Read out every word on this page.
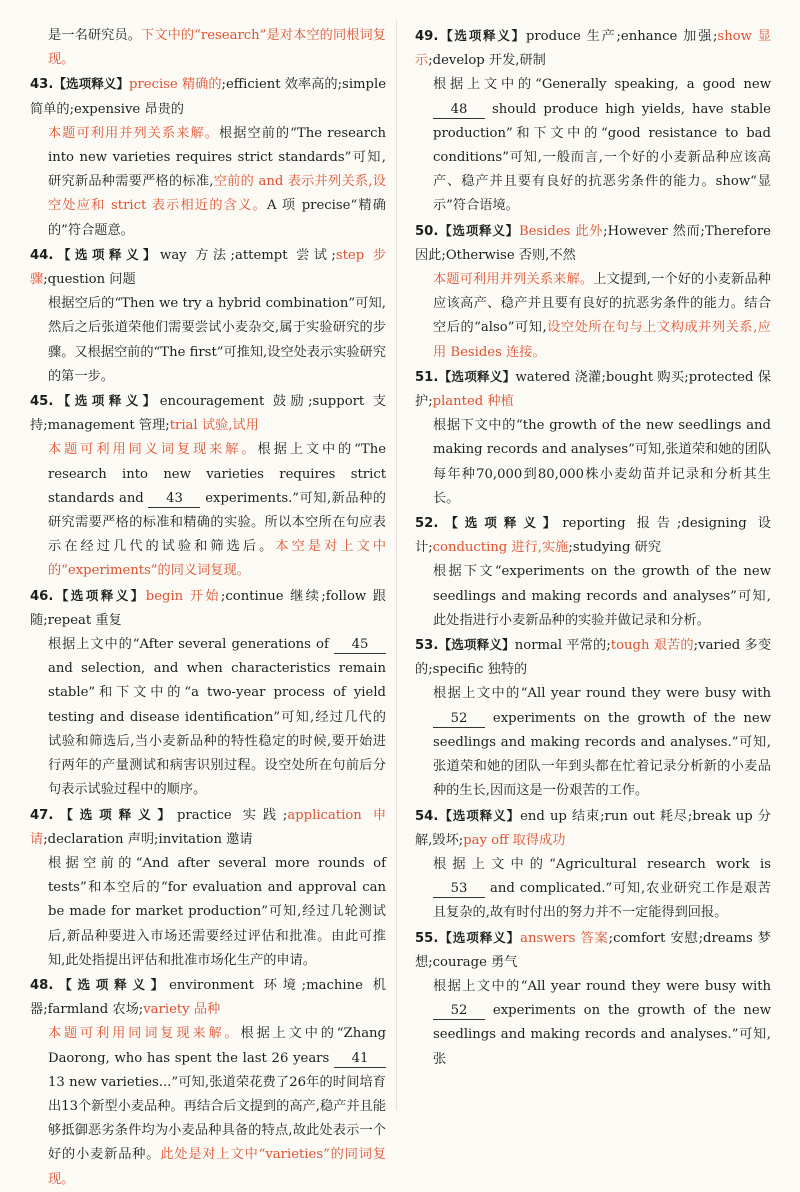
是一名研究员。下文中的“research”是对本空的同根词复现。

43.【选项释义】precise 精确的;efficient 效率高的;simple 简单的;expensive 昂贵的

本题可利用并列关系来解。根据空前的“The research into new varieties requires strict standards”可知,研究新品种需要严格的标准,空前的 and 表示并列关系,设空处应和 strict 表示相近的含义。A 项 precise“精确的”符合题意。

44.【选项释义】way 方法;attempt 尝试;step 步骤;question 问题

根据空后的“Then we try a hybrid combination”可知,然后之后张道荣他们需要尝试小麦杂交,属于实验研究的步骤。又根据空前的“The first”可推知,设空处表示实验研究的第一步。

45.【选项释义】encouragement 鼓励;support 支持;management 管理;trial 试验,试用

本题可利用同义词复现来解。根据上文中的“The research into new varieties requires strict standards and 43 experiments.”可知,新品种的研究需要严格的标准和精确的实验。所以本空所在句应表示在经过几代的试验和筛选后。本空是对上文中的“experiments”的同义词复现。

46.【选项释义】begin 开始;continue 继续;follow 跟随;repeat 重复

根据上文中的“After several generations of 45 and selection, and when characteristics remain stable”和下文中的“a two-year process of yield testing and disease identification”可知,经过几代的试验和筛选后,当小麦新品种的特性稳定的时候,要开始进行两年的产量测试和病害识别过程。设空处所在句前后分句表示试验过程中的顺序。

47.【选项释义】practice 实践;application 申请;declaration 声明;invitation 邀请

根据空前的“And after several more rounds of tests”和本空后的“for evaluation and approval can be made for market production”可知,经过几轮测试后,新品种要进入市场还需要经过评估和批准。由此可推知,此处指提出评估和批准市场化生产的申请。

48.【选项释义】environment 环境;machine 机器;farmland 农场;variety 品种

本题可利用同词复现来解。根据上文中的“Zhang Daorong, who has spent the last 26 years 41 13 new varieties...”可知,张道荣花费了26年的时间培育出13个新型小麦品种。再结合后文提到的高产,稳产并且能够抵御恶劣条件均为小麦品种具备的特点,故此处表示一个好的小麦新品种。此处是对上文中“varieties”的同词复现。

49.【选项释义】produce 生产;enhance 加强;show 显示;develop 开发,研制

根据上文中的“Generally speaking, a good new 48 should produce high yields, have stable production”和下文中的“good resistance to bad conditions”可知,一般而言,一个好的小麦新品种应该高产、稳产并且要有良好的抗恶劣条件的能力。show“显示”符合语境。

50.【选项释义】Besides 此外;However 然而;Therefore 因此;Otherwise 否则,不然

本题可利用并列关系来解。上文提到,一个好的小麦新品种应该高产、稳产并且要有良好的抗恶劣条件的能力。结合空后的“also”可知,设空处所在句与上文构成并列关系,应用 Besides 连接。

51.【选项释义】watered 浇灌;bought 购买;protected 保护;planted 种植

根据下文中的“the growth of the new seedlings and making records and analyses”可知,张道荣和她的团队每年种70,000到80,000株小麦幼苗并记录和分析其生长。

52.【选项释义】reporting 报告;designing 设计;conducting 进行,实施;studying 研究

根据下文“experiments on the growth of the new seedlings and making records and analyses”可知,此处指进行小麦新品种的实验并做记录和分析。

53.【选项释义】normal 平常的;tough 艰苦的;varied 多变的;specific 独特的

根据上文中的“All year round they were busy with 52 experiments on the growth of the new seedlings and making records and analyses.”可知,张道荣和她的团队一年到头都在忙着记录分析新的小麦品种的生长,因而这是一份艰苦的工作。

54.【选项释义】end up 结束;run out 耗尽;break up 分解,毁坏;pay off 取得成功

根据上文中的“Agricultural research work is 53 and complicated.”可知,农业研究工作是艰苦且复杂的,故有时付出的努力并不一定能得到回报。

55.【选项释义】answers 答案;comfort 安慰;dreams 梦想;courage 勇气

根据上文中的“All year round they were busy with 52 experiments on the growth of the new seedlings and making records and analyses.”可知,张
